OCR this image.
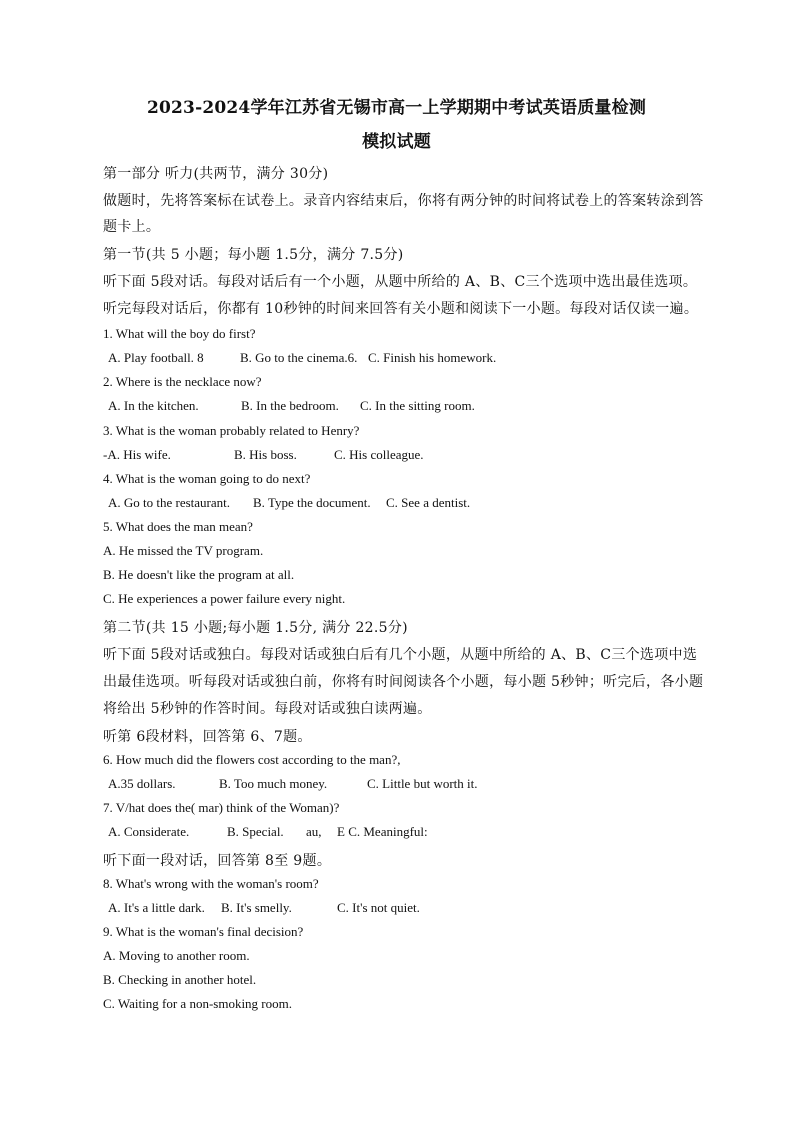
2023-2024学年江苏省无锡市高一上学期期中考试英语质量检测
模拟试题
第一部分 听力(共两节，满分 30分)
做题时，先将答案标在试卷上。录音内容结束后，你将有两分钟的时间将试卷上的答案转涂到答
题卡上。
第一节(共 5 小题；每小题 1.5分，满分 7.5分)
听下面 5段对话。每段对话后有一个小题，从题中所给的 A、B、C三个选项中选出最佳选项。
听完每段对话后，你都有 10秒钟的时间来回答有关小题和阅读下一小题。每段对话仅读一遍。
1. What will the boy do first?
A. Play football. 8	B. Go to the cinema.6. C. Finish his homework.
2. Where is the necklace now?
A. In the kitchen.	B. In the bedroom. C. In the sitting room.
3. What is the woman probably related to Henry?
-A. His wife.	B. His boss.	C. His colleague.
4. What is the woman going to do next?
A. Go to the restaurant. B. Type the document. C. See a dentist.
5. What does the man mean?
A. He missed the TV program.
B. He doesn't like the program at all.
C. He experiences a power failure every night.
第二节(共 15 小题;每小题 1.5分, 满分 22.5分)
听下面 5段对话或独白。每段对话或独白后有几个小题，从题中所给的 A、B、C三个选项中选
出最佳选项。听每段对话或独白前，你将有时间阅读各个小题，每小题 5秒钟；听完后，各小题
将给出 5秒钟的作答时间。每段对话或独白读两遍。
听第 6段材料，回答第 6、7题。
6. How much did the flowers cost according to the man?,
A.35 dollars.	B. Too much money.	C. Little but worth it.
7. V/hat does the( mar) think of the Woman)?
A. Considerate.	B. Special. au, E C. Meaningful:
听下面一段对话，回答第 8至 9题。
8. What's wrong with the woman's room?
A. It's a little dark. B. It's smelly.	C. It's not quiet.
9. What is the woman's final decision?
A. Moving to another room.
B. Checking in another hotel.
C. Waiting for a non-smoking room.
